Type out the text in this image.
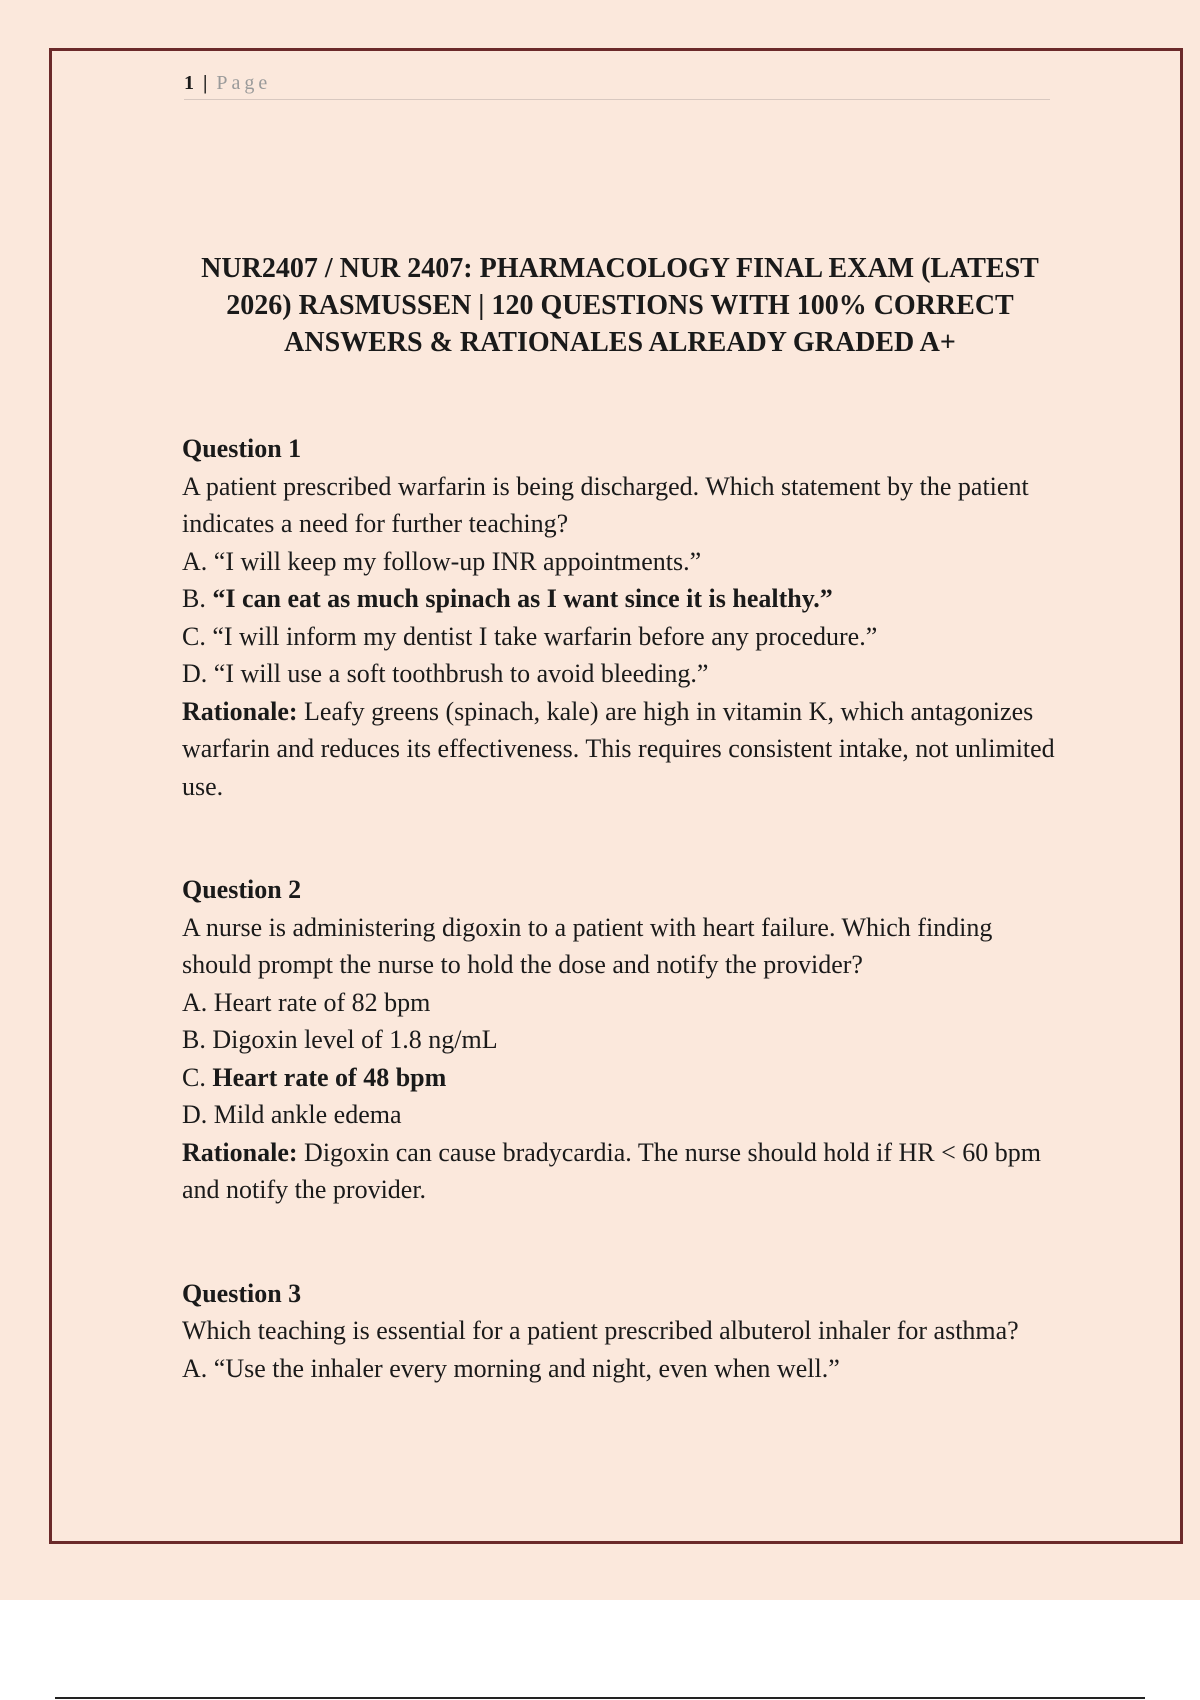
1 | Page
NUR2407 / NUR 2407: PHARMACOLOGY FINAL EXAM (LATEST 2026) RASMUSSEN | 120 QUESTIONS WITH 100% CORRECT ANSWERS & RATIONALES ALREADY GRADED A+
Question 1

A patient prescribed warfarin is being discharged. Which statement by the patient indicates a need for further teaching?

A. “I will keep my follow-up INR appointments.”

B. “I can eat as much spinach as I want since it is healthy.”

C. “I will inform my dentist I take warfarin before any procedure.”

D. “I will use a soft toothbrush to avoid bleeding.”

Rationale: Leafy greens (spinach, kale) are high in vitamin K, which antagonizes warfarin and reduces its effectiveness. This requires consistent intake, not unlimited use.

Question 2

A nurse is administering digoxin to a patient with heart failure. Which finding should prompt the nurse to hold the dose and notify the provider?

A. Heart rate of 82 bpm

B. Digoxin level of 1.8 ng/mL

C. Heart rate of 48 bpm

D. Mild ankle edema

Rationale: Digoxin can cause bradycardia. The nurse should hold if HR < 60 bpm and notify the provider.

Question 3

Which teaching is essential for a patient prescribed albuterol inhaler for asthma?

A. “Use the inhaler every morning and night, even when well.”
